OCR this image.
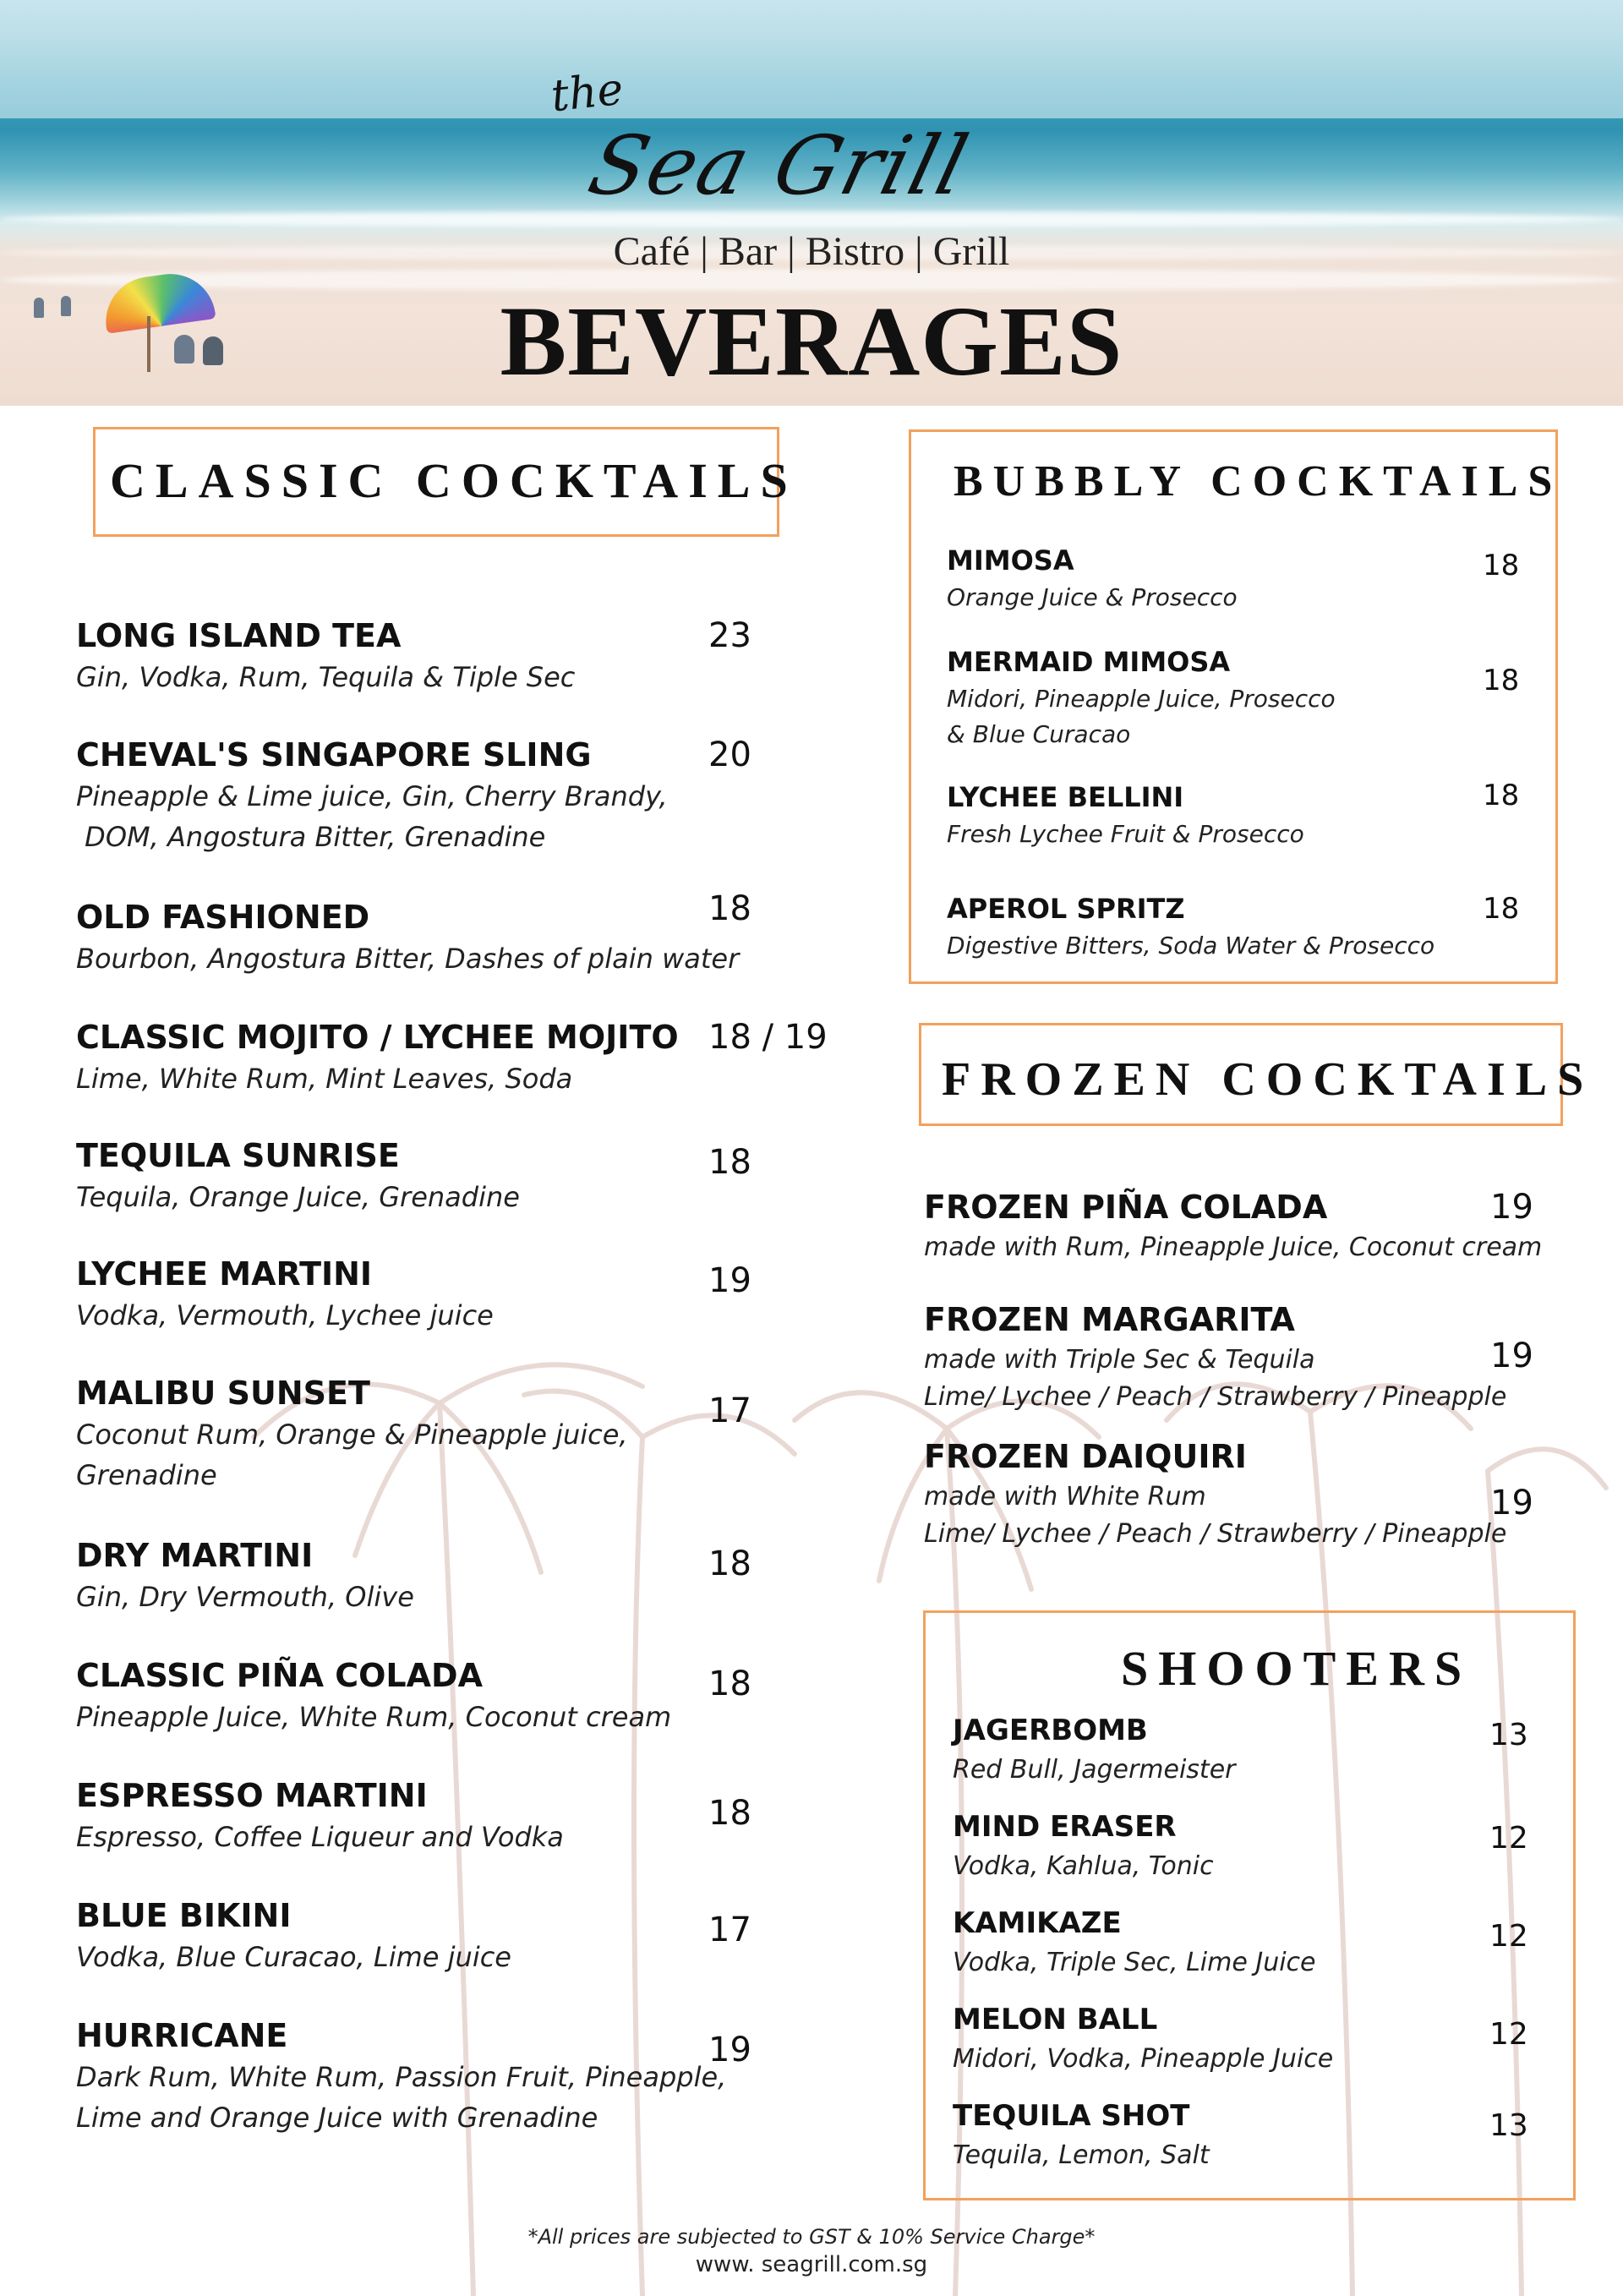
the
Sea Grill
Café | Bar | Bistro | Grill
BEVERAGES
CLASSIC COCKTAILS
LONG ISLAND TEA
Gin, Vodka, Rum, Tequila & Tiple Sec
23
CHEVAL'S SINGAPORE SLING
Pineapple & Lime juice, Gin, Cherry Brandy,
DOM, Angostura Bitter, Grenadine
20
OLD FASHIONED
Bourbon, Angostura Bitter, Dashes of plain water
18
CLASSIC MOJITO / LYCHEE MOJITO
Lime, White Rum, Mint Leaves, Soda
18 / 19
TEQUILA SUNRISE
Tequila, Orange Juice, Grenadine
18
LYCHEE MARTINI
Vodka, Vermouth, Lychee juice
19
MALIBU SUNSET
Coconut Rum, Orange & Pineapple juice,
Grenadine
17
DRY MARTINI
Gin, Dry Vermouth, Olive
18
CLASSIC PIÑA COLADA
Pineapple Juice, White Rum, Coconut cream
18
ESPRESSO MARTINI
Espresso, Coffee Liqueur and Vodka
18
BLUE BIKINI
Vodka, Blue Curacao, Lime juice
17
HURRICANE
Dark Rum, White Rum, Passion Fruit, Pineapple,
Lime and Orange Juice with Grenadine
19
BUBBLY COCKTAILS
MIMOSA
Orange Juice & Prosecco
18
MERMAID MIMOSA
Midori, Pineapple Juice, Prosecco
& Blue Curacao
18
LYCHEE BELLINI
Fresh Lychee Fruit & Prosecco
18
APEROL SPRITZ
Digestive Bitters, Soda Water & Prosecco
18
FROZEN COCKTAILS
FROZEN PIÑA COLADA
made with Rum, Pineapple Juice, Coconut cream
19
FROZEN MARGARITA
made with Triple Sec & Tequila
Lime/ Lychee / Peach / Strawberry / Pineapple
19
FROZEN DAIQUIRI
made with White Rum
Lime/ Lychee / Peach / Strawberry / Pineapple
19
SHOOTERS
JAGERBOMB
Red Bull, Jagermeister
13
MIND ERASER
Vodka, Kahlua, Tonic
12
KAMIKAZE
Vodka, Triple Sec, Lime Juice
12
MELON BALL
Midori, Vodka, Pineapple Juice
12
TEQUILA SHOT
Tequila, Lemon, Salt
13
*All prices are subjected to GST & 10% Service Charge*
www. seagrill.com.sg
